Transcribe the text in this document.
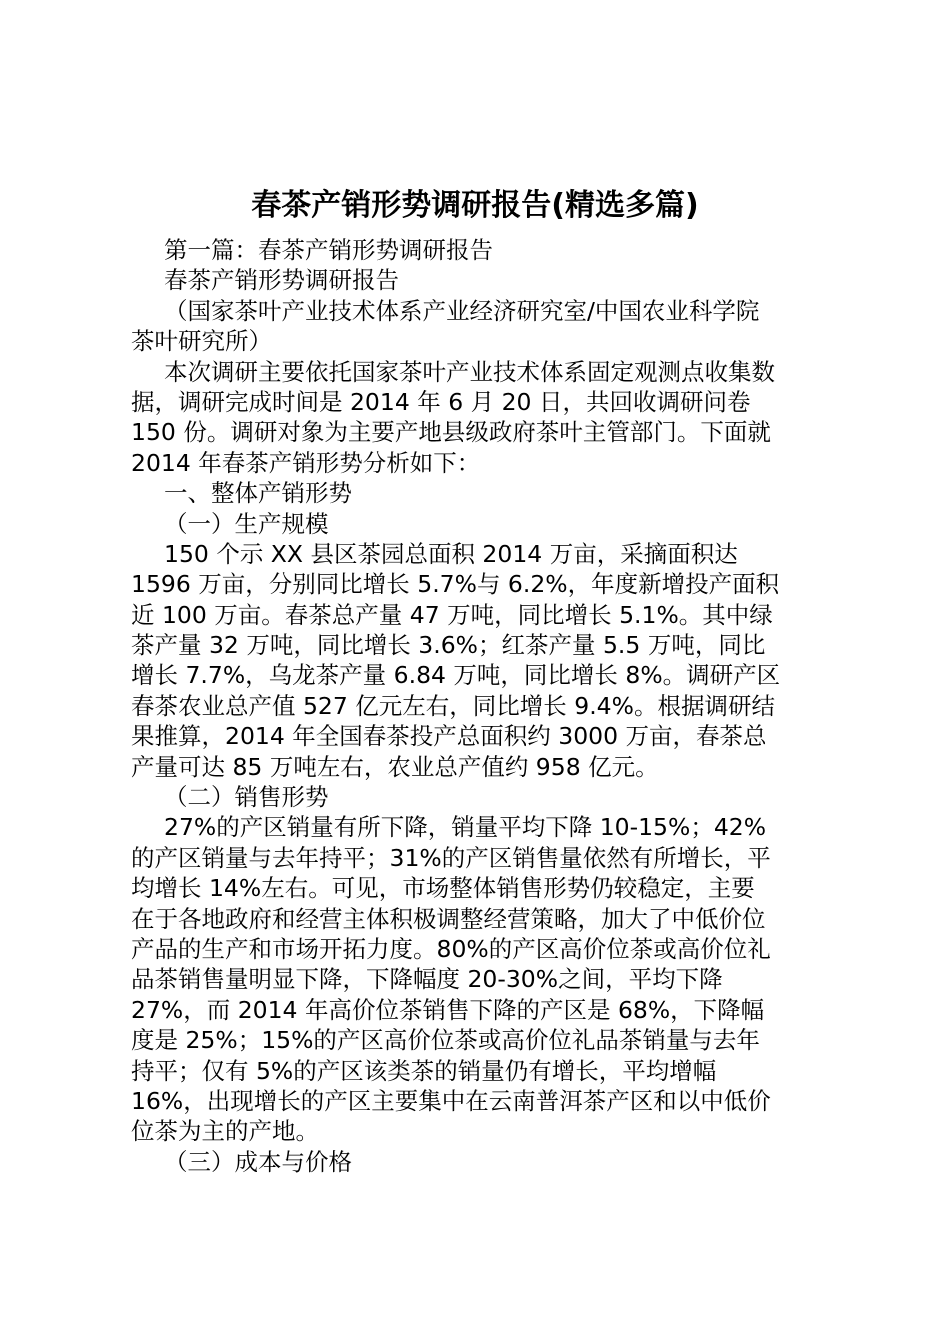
春茶产销形势调研报告(精选多篇)
第一篇：春茶产销形势调研报告
春茶产销形势调研报告
（国家茶叶产业技术体系产业经济研究室/中国农业科学院
茶叶研究所）
本次调研主要依托国家茶叶产业技术体系固定观测点收集数
据，调研完成时间是 2014 年 6 月 20 日，共回收调研问卷
150 份。调研对象为主要产地县级政府茶叶主管部门。下面就
2014 年春茶产销形势分析如下：
一、整体产销形势
（一）生产规模
150 个示 XX 县区茶园总面积 2014 万亩，采摘面积达
1596 万亩，分别同比增长 5.7%与 6.2%，年度新增投产面积
近 100 万亩。春茶总产量 47 万吨，同比增长 5.1%。其中绿
茶产量 32 万吨，同比增长 3.6%；红茶产量 5.5 万吨，同比
增长 7.7%，乌龙茶产量 6.84 万吨，同比增长 8%。调研产区
春茶农业总产值 527 亿元左右，同比增长 9.4%。根据调研结
果推算，2014 年全国春茶投产总面积约 3000 万亩，春茶总
产量可达 85 万吨左右，农业总产值约 958 亿元。
（二）销售形势
27%的产区销量有所下降，销量平均下降 10-15%；42%
的产区销量与去年持平；31%的产区销售量依然有所增长，平
均增长 14%左右。可见，市场整体销售形势仍较稳定，主要
在于各地政府和经营主体积极调整经营策略，加大了中低价位
产品的生产和市场开拓力度。80%的产区高价位茶或高价位礼
品茶销售量明显下降，下降幅度 20-30%之间，平均下降
27%，而 2014 年高价位茶销售下降的产区是 68%，下降幅
度是 25%；15%的产区高价位茶或高价位礼品茶销量与去年
持平；仅有 5%的产区该类茶的销量仍有增长，平均增幅
16%，出现增长的产区主要集中在云南普洱茶产区和以中低价
位茶为主的产地。
（三）成本与价格
